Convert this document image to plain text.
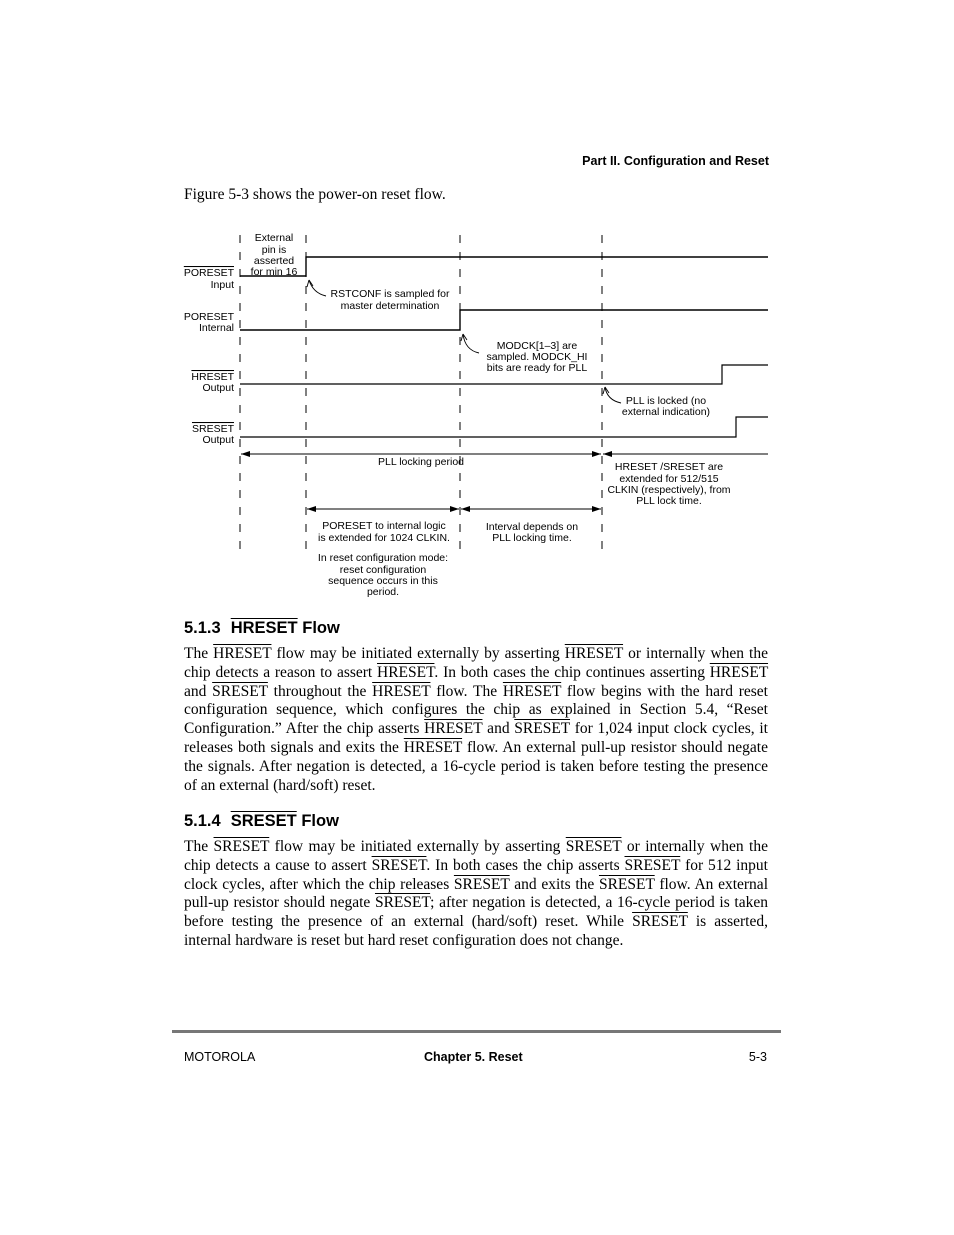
Part II. Configuration and Reset
Figure 5-3 shows the power-on reset flow.
PORESET
Input
PORESET
Internal
HRESET
Output
SRESET
Output
External
pin is
asserted
for min 16
RSTCONF is sampled for
master determination
MODCK[1–3] are
sampled. MODCK_HI
bits are ready for PLL
PLL is locked (no
external indication)
PLL locking period	HRESET /SRESET are
extended for 512/515
CLKIN (respectively), from
PLL lock time.
PORESET to internal logic
is extended for 1024 CLKIN.
Interval depends on
PLL locking time.
In reset configuration mode:
reset configuration
sequence occurs in this
period.
5.1.3 HRESET Flow
The HRESET flow may be initiated externally by asserting HRESET or internally when the chip detects a reason to assert HRESET. In both cases the chip continues asserting HRESET and SRESET throughout the HRESET flow. The HRESET flow begins with the hard reset configuration sequence, which configures the chip as explained in Section 5.4, “Reset Configuration.” After the chip asserts HRESET and SRESET for 1,024 input clock cycles, it releases both signals and exits the HRESET flow. An external pull-up resistor should negate the signals. After negation is detected, a 16-cycle period is taken before testing the presence of an external (hard/soft) reset.
5.1.4 SRESET Flow
The SRESET flow may be initiated externally by asserting SRESET or internally when the chip detects a cause to assert SRESET. In both cases the chip asserts SRESET for 512 input clock cycles, after which the chip releases SRESET and exits the SRESET flow. An external pull-up resistor should negate SRESET; after negation is detected, a 16-cycle period is taken before testing the presence of an external (hard/soft) reset. While SRESET is asserted, internal hardware is reset but hard reset configuration does not change.
MOTOROLA	Chapter 5. Reset	5-3
